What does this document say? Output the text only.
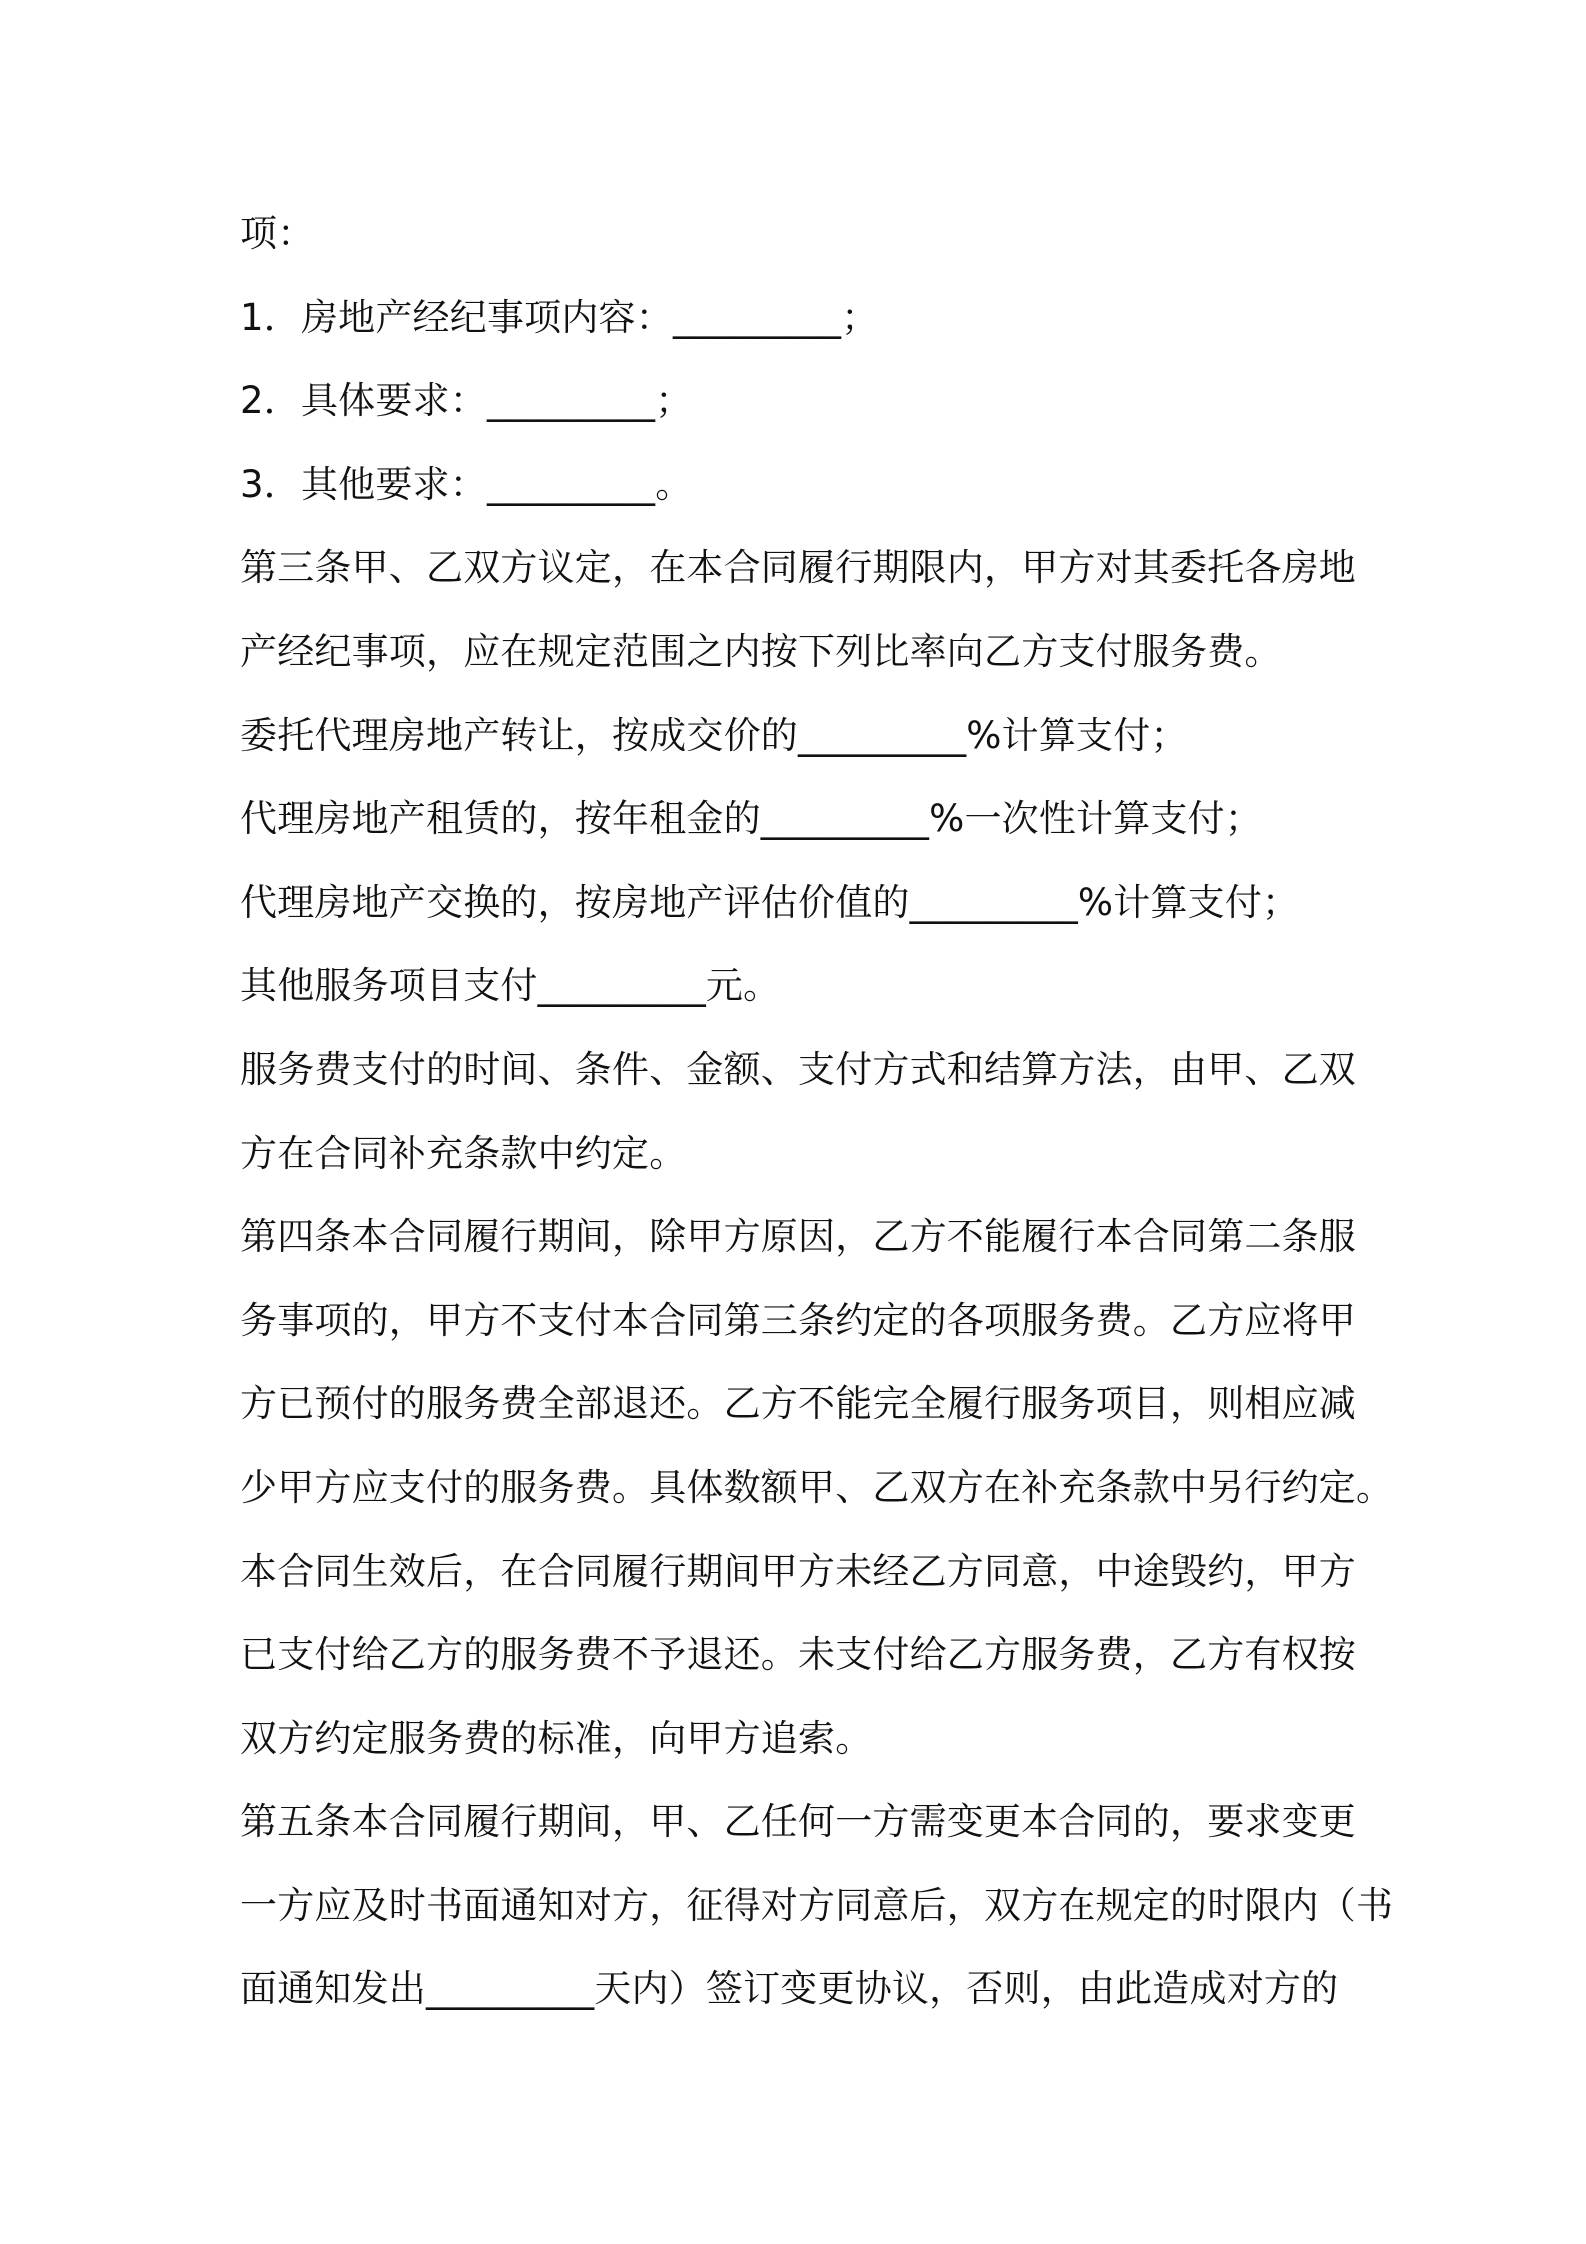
项：
1．房地产经纪事项内容：_________；
2．具体要求：_________；
3．其他要求：_________。
第三条甲、乙双方议定，在本合同履行期限内，甲方对其委托各房地
产经纪事项，应在规定范围之内按下列比率向乙方支付服务费。
委托代理房地产转让，按成交价的_________%计算支付；
代理房地产租赁的，按年租金的_________%一次性计算支付；
代理房地产交换的，按房地产评估价值的_________%计算支付；
其他服务项目支付_________元。
服务费支付的时间、条件、金额、支付方式和结算方法，由甲、乙双
方在合同补充条款中约定。
第四条本合同履行期间，除甲方原因，乙方不能履行本合同第二条服
务事项的，甲方不支付本合同第三条约定的各项服务费。乙方应将甲
方已预付的服务费全部退还。乙方不能完全履行服务项目，则相应减
少甲方应支付的服务费。具体数额甲、乙双方在补充条款中另行约定。
本合同生效后，在合同履行期间甲方未经乙方同意，中途毁约，甲方
已支付给乙方的服务费不予退还。未支付给乙方服务费，乙方有权按
双方约定服务费的标准，向甲方追索。
第五条本合同履行期间，甲、乙任何一方需变更本合同的，要求变更
一方应及时书面通知对方，征得对方同意后，双方在规定的时限内（书
面通知发出_________天内）签订变更协议，否则，由此造成对方的
